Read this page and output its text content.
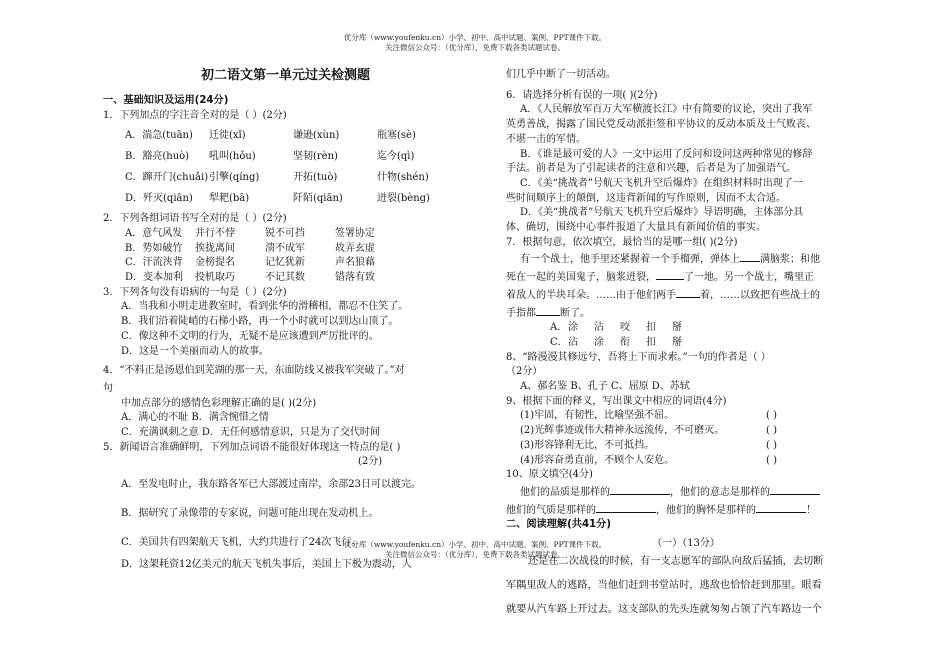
优分库（www.youfenku.cn）小学、初中、高中试题、案例、PPT课件下载。
关注微信公众号：（优分库），免费下载各类试题试卷。
初二语文第一单元过关检测题
一、基础知识及运用(24分)
1．下列加点的字注音全对的是（ ）(2分)
A．湍急(tuān)	迁徙(xǐ)	谦逊(xùn)	瓶塞(sè)
B．豁亮(huò)	吼叫(hǒu)	坚韧(rèn)	迄今(qì)
C．蹿开门(chuǎi) 引擎(qíng)	开拓(tuò)	什物(shén)
D．歼灭(qiān)	犁耙(bā)	阡陌(qiān)	迸裂(bèng)
2．下列各组词语书写全对的是（ ）(2分)
A．意气风发	并行不悖	锐不可挡	签署协定
B．势如破竹	挨拢离间	溃不成军	故弄玄虚
C．汗流浃背	金榜提名	记忆犹新	声名狼藉
D．变本加利	投机取巧	不记其数	错落有致
3．下列各句没有语病的一句是（ ）(2分)
A．当我和小明走进教室时，看到张华的滑稽相，都忍不住笑了。
B．我们沿着陡峭的石梯小路，再一个小时就可以到达山顶了。
C．像这种不文明的行为，无疑不是应该遭到严厉批评的。
D．这是一个美丽而动人的故事。
4．“不料正是汤恩伯到芜湖的那一天，东面防线又被我军突破了。”对
句
中加点部分的感情色彩理解正确的是( )(2分)
A．满心的不耻 B．满含惋惜之情
C．充满讽刺之意 D．无任何感情意识，只是为了交代时间
5．新闻语言准确鲜明，下列加点词语不能很好体现这一特点的是( )
(2分)
A．至发电时止，我东路各军已大部渡过南岸，余部23日可以渡完。
B．据研究了录像带的专家说，问题可能出现在发动机上。
C．美国共有四架航天飞机，大约共进行了24次飞行。
D．这架耗资12亿美元的航天飞机失事后，美国上下极为震动，人
们几乎中断了一切活动。
6．请选择分析有误的一项( )(2分)
A．《人民解放军百万大军横渡长江》中有简要的议论，突出了我军
英勇善战，揭露了国民党反动派拒签和平协议的反动本质及士气败丧、
不堪一击的军情。
B．《谁是最可爱的人》一文中运用了反问和设问这两种常见的修辞
手法。前者是为了引起读者的注意和兴趣，后者是为了加强语气。
C．《美“挑战者”号航天飞机升空后爆炸》在组织材料时出现了一
些时间顺序上的颠倒，这违背新闻的写作原则，因而不太合适。
D．《美“挑战者”号航天飞机升空后爆炸》导语明确，主体部分具
体、确切，围绕中心事件报道了大量具有新闻价值的事实。
7．根据句意，依次填空，最恰当的是哪一组( )(2分)
有一个战士，他手里还紧握着一个手榴弹，弹体上 满脑浆；和他
死在一起的美国鬼子，脑浆迸裂，	了一地。另一个战士，嘴里正
着敌人的半块耳朵。……由于他们两手 着，……以致把有些战士的
手指都 断了。
A． 涂	沾	咬	扣	掰
C． 沾	涂	衔	扣	掰
8、“路漫漫其修远兮，吾将上下而求索。”一句的作者是（ ）
（2分）
A、郝名鉴 B、孔子 C、屈原 D、苏轼
9、根据下面的释义，写出课文中相应的词语(4分)
(1)牢固，有韧性，比喻坚强不屈。	( )
(2)光辉事迹或伟大精神永远流传，不可磨灭。	( )
(3)形容锋利无比，不可抵挡。	( )
(4)形容奋勇直前，不顾个人安危。	( )
10、原文填空(4分)
他们的品质是那样的	，他们的意志是那样的
他们的气质是那样的	，他们的胸怀是那样的	！
二、阅读理解(共41分)
（一）（13分）
还是在二次战役的时候，有一支志愿军的部队向敌后猛插，去切断
军隅里敌人的逃路，当他们赶到书堂站时，逃敌也恰恰赶到那里。眼看
就要从汽车路上开过去。这支部队的先头连就匆匆占领了汽车路边一个
优分库（www.youfenku.cn）小学、初中、高中试题、案例、PPT课件下载。
关注微信公众号：（优分库），免费下载各类试题试卷。
